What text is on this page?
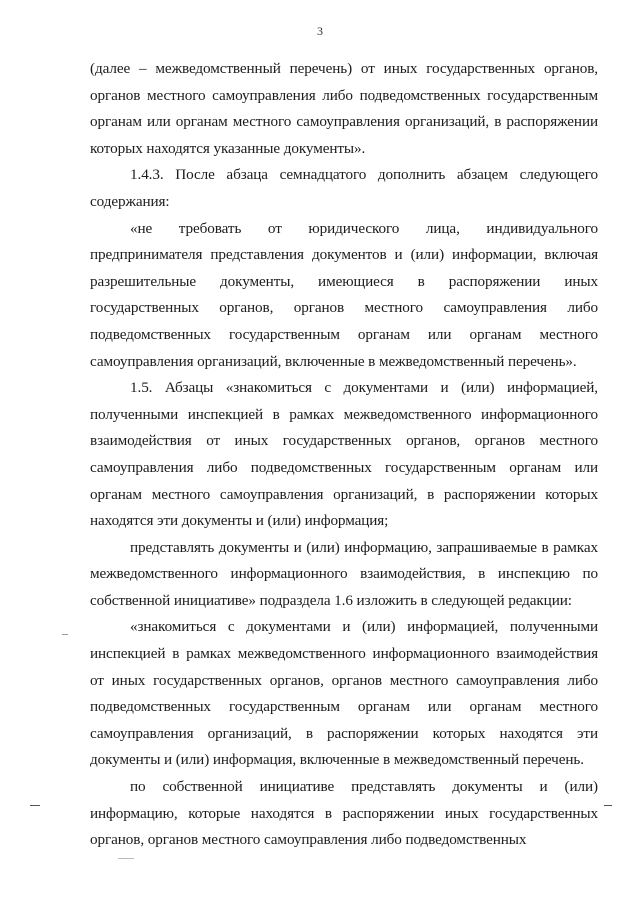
3

(далее – межведомственный перечень) от иных государственных органов, органов местного самоуправления либо подведомственных государственным органам или органам местного самоуправления организаций, в распоряжении которых находятся указанные документы».

1.4.3. После абзаца семнадцатого дополнить абзацем следующего содержания:

«не требовать от юридического лица, индивидуального предпринимателя представления документов и (или) информации, включая разрешительные документы, имеющиеся в распоряжении иных государственных органов, органов местного самоуправления либо подведомственных государственным органам или органам местного самоуправления организаций, включенные в межведомственный перечень».

1.5. Абзацы «знакомиться с документами и (или) информацией, полученными инспекцией в рамках межведомственного информационного взаимодействия от иных государственных органов, органов местного самоуправления либо подведомственных государственным органам или органам местного самоуправления организаций, в распоряжении которых находятся эти документы и (или) информация;

представлять документы и (или) информацию, запрашиваемые в рамках межведомственного информационного взаимодействия, в инспекцию по собственной инициативе» подраздела 1.6 изложить в следующей редакции:

«знакомиться с документами и (или) информацией, полученными инспекцией в рамках межведомственного информационного взаимодействия от иных государственных органов, органов местного самоуправления либо подведомственных государственным органам или органам местного самоуправления организаций, в распоряжении которых находятся эти документы и (или) информация, включенные в межведомственный перечень.

по собственной инициативе представлять документы и (или) информацию, которые находятся в распоряжении иных государственных органов, органов местного самоуправления либо подведомственных
